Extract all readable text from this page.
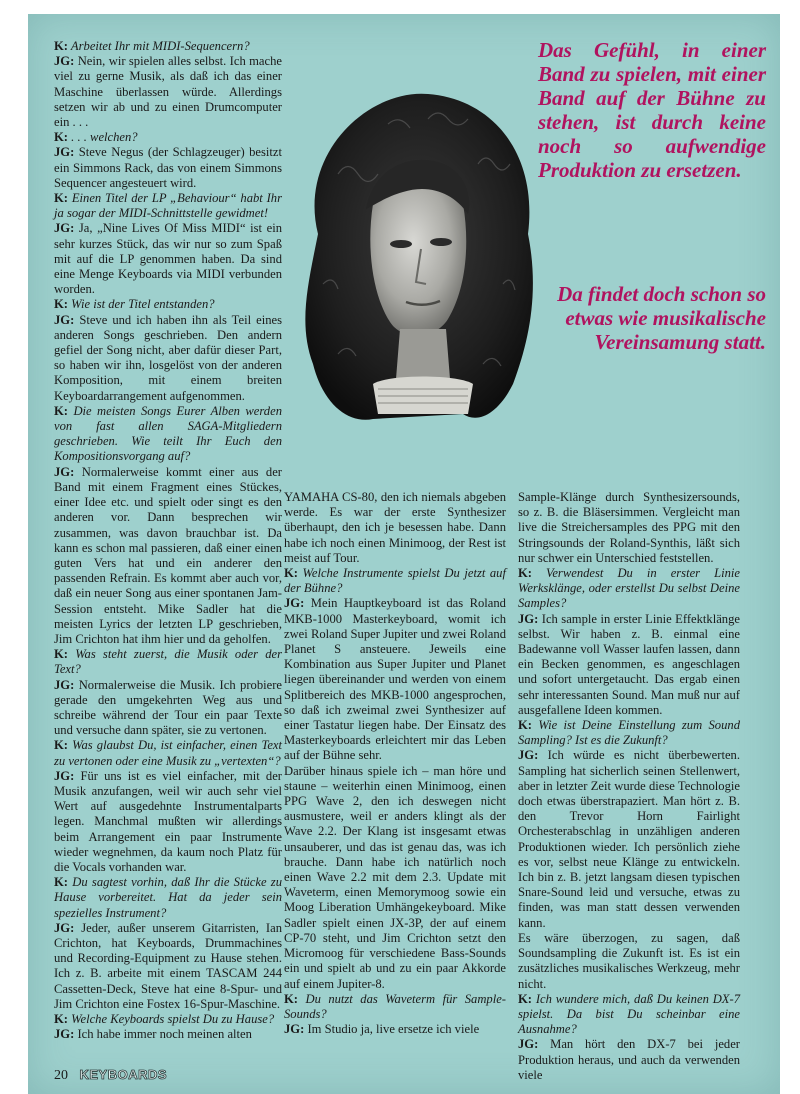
K: Arbeitet Ihr mit MIDI-Sequencern?

JG: Nein, wir spielen alles selbst. Ich mache viel zu gerne Musik, als daß ich das einer Maschine überlassen würde. Allerdings setzen wir ab und zu einen Drumcomputer ein . . .

K: . . . welchen?

JG: Steve Negus (der Schlagzeuger) besitzt ein Simmons Rack, das von einem Simmons Sequencer angesteuert wird.

K: Einen Titel der LP „Behaviour“ habt Ihr ja sogar der MIDI-Schnittstelle gewidmet!

JG: Ja, „Nine Lives Of Miss MIDI“ ist ein sehr kurzes Stück, das wir nur so zum Spaß mit auf die LP genommen haben. Da sind eine Menge Keyboards via MIDI verbunden worden.

K: Wie ist der Titel entstanden?

JG: Steve und ich haben ihn als Teil eines anderen Songs geschrieben. Den andern gefiel der Song nicht, aber dafür dieser Part, so haben wir ihn, losgelöst von der anderen Komposition, mit einem breiten Keyboardarrangement aufgenommen.

K: Die meisten Songs Eurer Alben werden von fast allen SAGA-Mitgliedern geschrieben. Wie teilt Ihr Euch den Kompositionsvorgang auf?

JG: Normalerweise kommt einer aus der Band mit einem Fragment eines Stückes, einer Idee etc. und spielt oder singt es den anderen vor. Dann besprechen wir zusammen, was davon brauchbar ist. Da kann es schon mal passieren, daß einer einen guten Vers hat und ein anderer den passenden Refrain. Es kommt aber auch vor, daß ein neuer Song aus einer spontanen Jam-Session entsteht. Mike Sadler hat die meisten Lyrics der letzten LP geschrieben, Jim Crichton hat ihm hier und da geholfen.

K: Was steht zuerst, die Musik oder der Text?

JG: Normalerweise die Musik. Ich probiere gerade den umgekehrten Weg aus und schreibe während der Tour ein paar Texte und versuche dann später, sie zu vertonen.

K: Was glaubst Du, ist einfacher, einen Text zu vertonen oder eine Musik zu „vertexten“?

JG: Für uns ist es viel einfacher, mit der Musik anzufangen, weil wir auch sehr viel Wert auf ausgedehnte Instrumentalparts legen. Manchmal mußten wir allerdings beim Arrangement ein paar Instrumente wieder wegnehmen, da kaum noch Platz für die Vocals vorhanden war.

K: Du sagtest vorhin, daß Ihr die Stücke zu Hause vorbereitet. Hat da jeder sein spezielles Instrument?

JG: Jeder, außer unserem Gitarristen, Ian Crichton, hat Keyboards, Drummachines und Recording-Equipment zu Hause stehen. Ich z. B. arbeite mit einem TASCAM 244 Cassetten-Deck, Steve hat eine 8-Spur- und Jim Crichton eine Fostex 16-Spur-Maschine.

K: Welche Keyboards spielst Du zu Hause?

JG: Ich habe immer noch meinen alten

Das Gefühl, in einer Band zu spielen, mit einer Band auf der Bühne zu stehen, ist durch keine noch so aufwendige Produktion zu ersetzen.
Da findet doch schon so etwas wie musikalische Vereinsamung statt.

YAMAHA CS-80, den ich niemals abgeben werde. Es war der erste Synthesizer überhaupt, den ich je besessen habe. Dann habe ich noch einen Minimoog, der Rest ist meist auf Tour.

K: Welche Instrumente spielst Du jetzt auf der Bühne?

JG: Mein Hauptkeyboard ist das Roland MKB-1000 Masterkeyboard, womit ich zwei Roland Super Jupiter und zwei Roland Planet S ansteuere. Jeweils eine Kombination aus Super Jupiter und Planet liegen übereinander und werden von einem Splitbereich des MKB-1000 angesprochen, so daß ich zweimal zwei Synthesizer auf einer Tastatur liegen habe. Der Einsatz des Masterkeyboards erleichtert mir das Leben auf der Bühne sehr.

Darüber hinaus spiele ich – man höre und staune – weiterhin einen Minimoog, einen PPG Wave 2, den ich deswegen nicht ausmustere, weil er anders klingt als der Wave 2.2. Der Klang ist insgesamt etwas unsauberer, und das ist genau das, was ich brauche. Dann habe ich natürlich noch einen Wave 2.2 mit dem 2.3. Update mit Waveterm, einen Memorymoog sowie ein Moog Liberation Umhängekeyboard. Mike Sadler spielt einen JX-3P, der auf einem CP-70 steht, und Jim Crichton setzt den Micromoog für verschiedene Bass-Sounds ein und spielt ab und zu ein paar Akkorde auf einem Jupiter-8.

K: Du nutzt das Waveterm für Sample-Sounds?

JG: Im Studio ja, live ersetze ich viele

Sample-Klänge durch Synthesizersounds, so z. B. die Bläsersimmen. Vergleicht man live die Streichersamples des PPG mit den Stringsounds der Roland-Synthis, läßt sich nur schwer ein Unterschied feststellen.

K: Verwendest Du in erster Linie Werksklänge, oder erstellst Du selbst Deine Samples?

JG: Ich sample in erster Linie Effektklänge selbst. Wir haben z. B. einmal eine Badewanne voll Wasser laufen lassen, dann ein Becken genommen, es angeschlagen und sofort untergetaucht. Das ergab einen sehr interessanten Sound. Man muß nur auf ausgefallene Ideen kommen.

K: Wie ist Deine Einstellung zum Sound Sampling? Ist es die Zukunft?

JG: Ich würde es nicht überbewerten. Sampling hat sicherlich seinen Stellenwert, aber in letzter Zeit wurde diese Technologie doch etwas überstrapaziert. Man hört z. B. den Trevor Horn Fairlight Orchesterabschlag in unzähligen anderen Produktionen wieder. Ich persönlich ziehe es vor, selbst neue Klänge zu entwickeln. Ich bin z. B. jetzt langsam diesen typischen Snare-Sound leid und versuche, etwas zu finden, was man statt dessen verwenden kann.

Es wäre überzogen, zu sagen, daß Soundsampling die Zukunft ist. Es ist ein zusätzliches musikalisches Werkzeug, mehr nicht.

K: Ich wundere mich, daß Du keinen DX-7 spielst. Da bist Du scheinbar eine Ausnahme?

JG: Man hört den DX-7 bei jeder Produktion heraus, und auch da verwenden viele

20 KEYBOARDS
